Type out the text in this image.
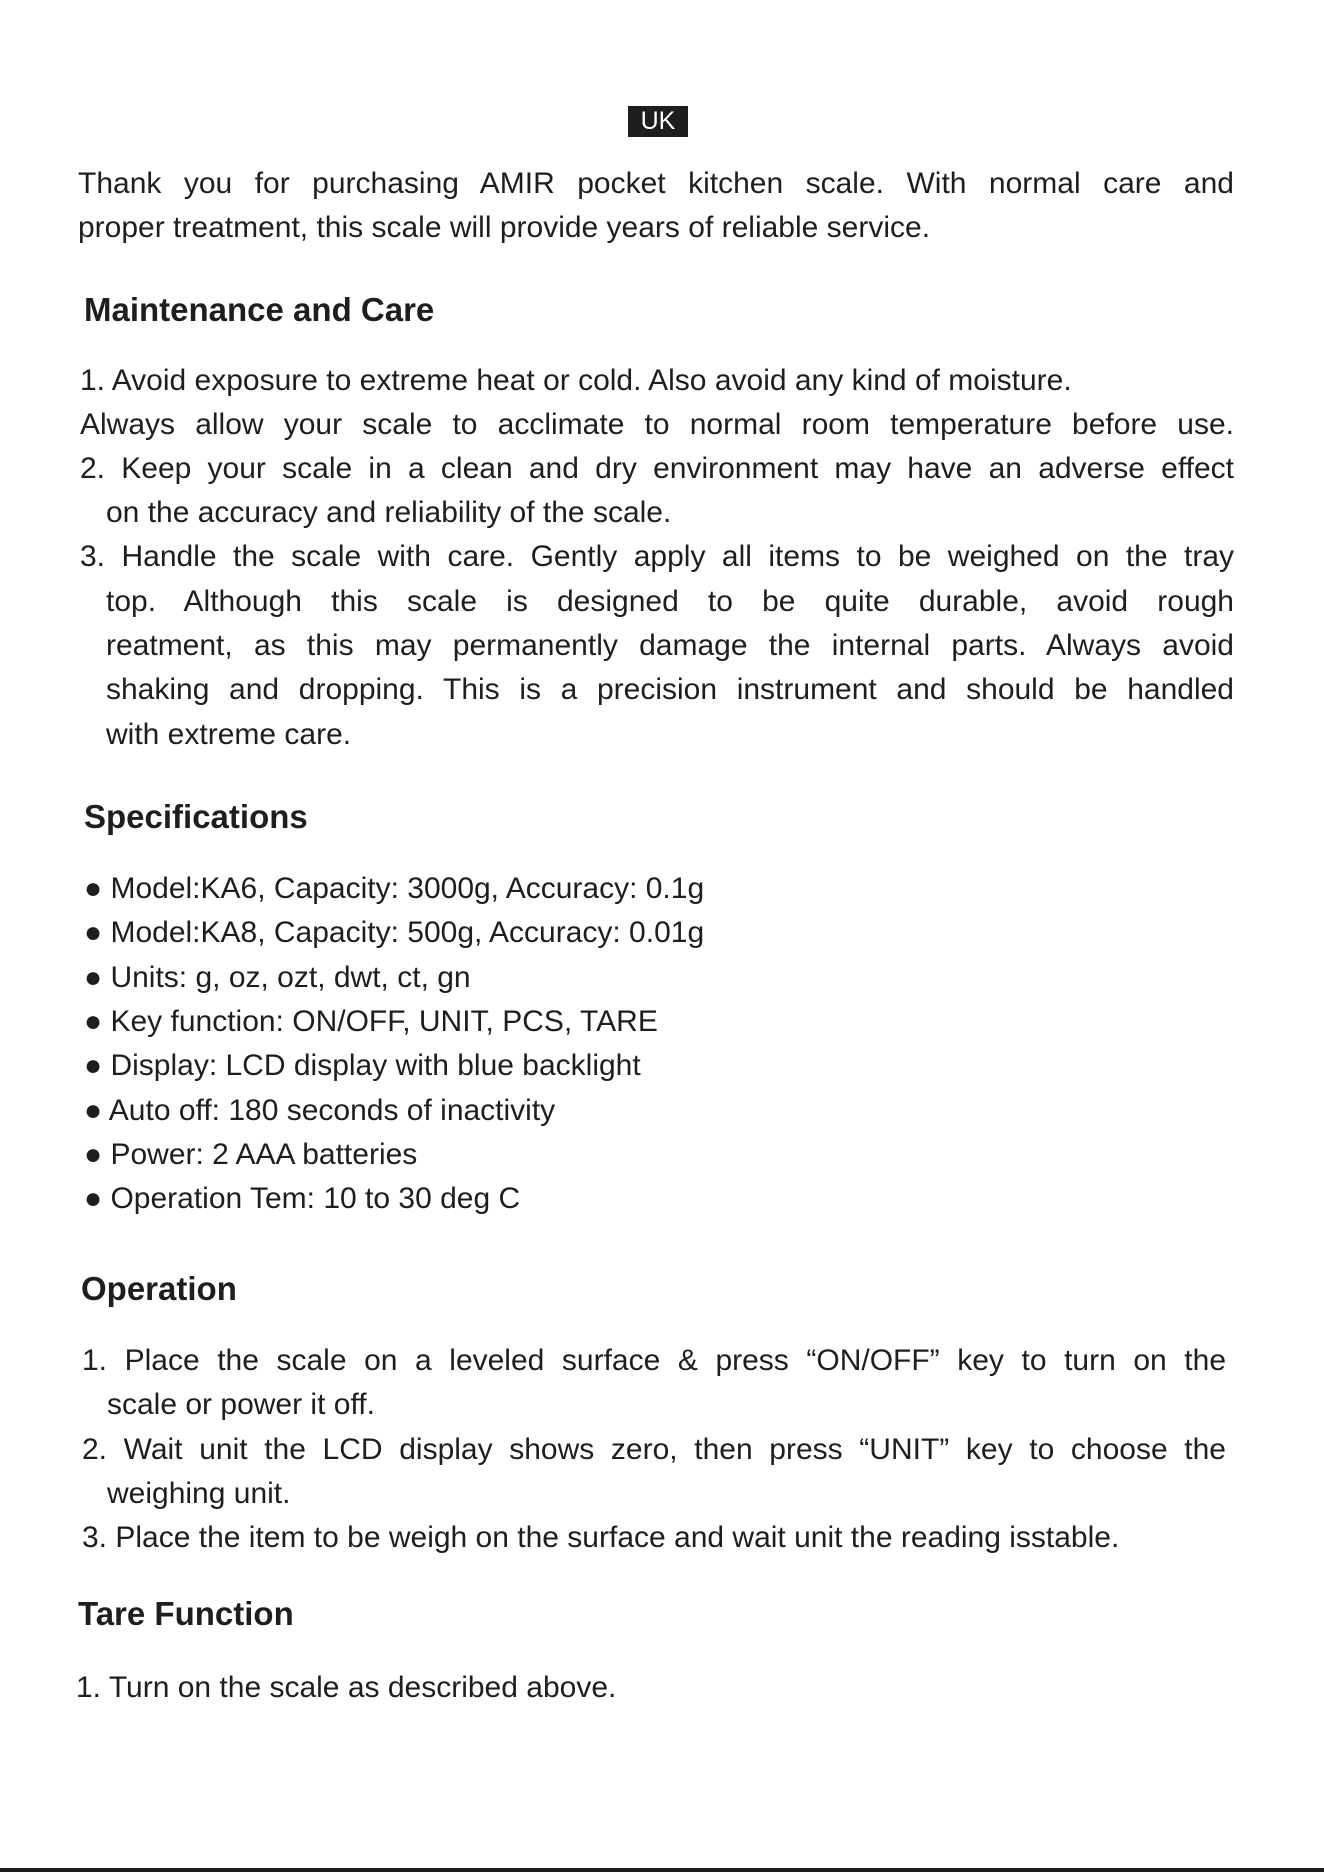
UK
Thank you for purchasing AMIR pocket kitchen scale. With normal care and
proper treatment, this scale will provide years of reliable service.
Maintenance and Care
1. Avoid exposure to extreme heat or cold. Also avoid any kind of moisture.
Always allow your scale to acclimate to normal room temperature before use.
2. Keep your scale in a clean and dry environment may have an adverse effect
on the accuracy and reliability of the scale.
3. Handle the scale with care. Gently apply all items to be weighed on the tray
top. Although this scale is designed to be quite durable, avoid rough
reatment, as this may permanently damage the internal parts. Always avoid
shaking and dropping. This is a precision instrument and should be handled
with extreme care.
Specifications
● Model:KA6, Capacity: 3000g, Accuracy: 0.1g
● Model:KA8, Capacity: 500g, Accuracy: 0.01g
● Units: g, oz, ozt, dwt, ct, gn
● Key function: ON/OFF, UNIT, PCS, TARE
● Display: LCD display with blue backlight
● Auto off: 180 seconds of inactivity
● Power: 2 AAA batteries
● Operation Tem: 10 to 30 deg C
Operation
1. Place the scale on a leveled surface & press “ON/OFF” key to turn on the
scale or power it off.
2. Wait unit the LCD display shows zero, then press “UNIT” key to choose the
weighing unit.
3. Place the item to be weigh on the surface and wait unit the reading isstable.
Tare Function
1. Turn on the scale as described above.
